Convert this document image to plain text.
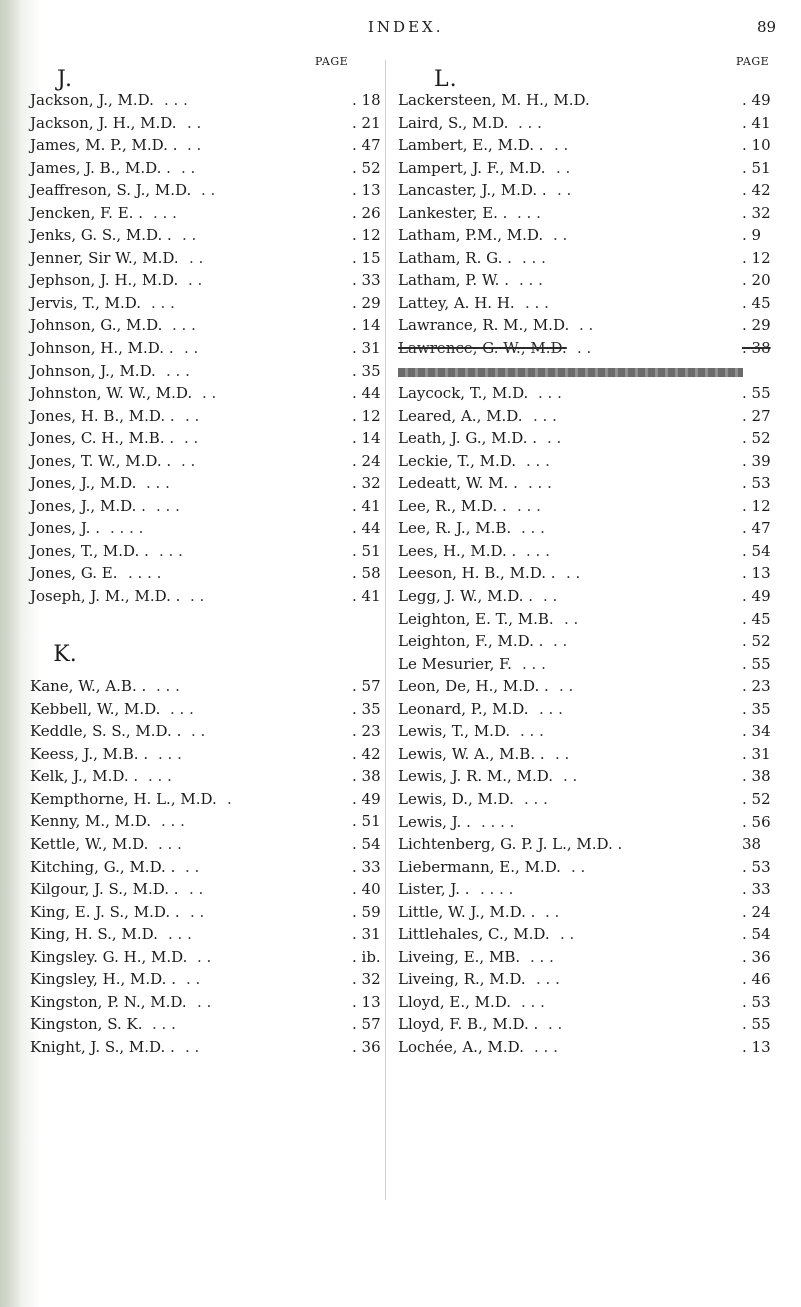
INDEX.	89
J.
PAGE
Jackson, J., M.D. . . .	. 18
Jackson, J. H., M.D. . .	. 21
James, M. P., M.D. . . .	. 47
James, J. B., M.D. . . .	. 52
Jeaffreson, S. J., M.D. . .	. 13
Jencken, F. E. . . . .	. 26
Jenks, G. S., M.D. . . .	. 12
Jenner, Sir W., M.D. . .	. 15
Jephson, J. H., M.D. . .	. 33
Jervis, T., M.D. . . .	. 29
Johnson, G., M.D. . . .	. 14
Johnson, H., M.D. . . .	. 31
Johnson, J., M.D. . . .	. 35
Johnston, W. W., M.D. . .	. 44
Jones, H. B., M.D. . . .	. 12
Jones, C. H., M.B. . . .	. 14
Jones, T. W., M.D. . . .	. 24
Jones, J., M.D. . . .	. 32
Jones, J., M.D. . . . .	. 41
Jones, J. . . . . .	. 44
Jones, T., M.D. . . . .	. 51
Jones, G. E. . . . .	. 58
Joseph, J. M., M.D. . . .	. 41
K.
Kane, W., A.B. . . . .	. 57
Kebbell, W., M.D. . . .	. 35
Keddle, S. S., M.D. . . .	. 23
Keess, J., M.B. . . . .	. 42
Kelk, J., M.D. . . . .	. 38
Kempthorne, H. L., M.D. .	. 49
Kenny, M., M.D. . . .	. 51
Kettle, W., M.D. . . .	. 54
Kitching, G., M.D. . . .	. 33
Kilgour, J. S., M.D. . . .	. 40
King, E. J. S., M.D. . . .	. 59
King, H. S., M.D. . . .	. 31
Kingsley. G. H., M.D. . .	. ib.
Kingsley, H., M.D. . . .	. 32
Kingston, P. N., M.D. . .	. 13
Kingston, S. K. . . .	. 57
Knight, J. S., M.D. . . .	. 36
L.
PAGE
Lackersteen, M. H., M.D.	. 49
Laird, S., M.D. . . .	. 41
Lambert, E., M.D. . . .	. 10
Lampert, J. F., M.D. . .	. 51
Lancaster, J., M.D. . . .	. 42
Lankester, E. . . . .	. 32
Latham, P.M., M.D. . .	. 9
Latham, R. G. . . . .	. 12
Latham, P. W. . . . .	. 20
Lattey, A. H. H. . . .	. 45
Lawrance, R. M., M.D. . .	. 29
Lawrence, G. W., M.D. . .	. 38
Laycock, T., M.D. . . .	. 55
Leared, A., M.D. . . .	. 27
Leath, J. G., M.D. . . .	. 52
Leckie, T., M.D. . . .	. 39
Ledeatt, W. M. . . . .	. 53
Lee, R., M.D. . . . .	. 12
Lee, R. J., M.B. . . .	. 47
Lees, H., M.D. . . . .	. 54
Leeson, H. B., M.D. . . .	. 13
Legg, J. W., M.D. . . .	. 49
Leighton, E. T., M.B. . .	. 45
Leighton, F., M.D. . . .	. 52
Le Mesurier, F. . . .	. 55
Leon, De, H., M.D. . . .	. 23
Leonard, P., M.D. . . .	. 35
Lewis, T., M.D. . . .	. 34
Lewis, W. A., M.B. . . .	. 31
Lewis, J. R. M., M.D. . .	. 38
Lewis, D., M.D. . . .	. 52
Lewis, J. . . . . .	. 56
Lichtenberg, G. P. J. L., M.D. .	38
Liebermann, E., M.D. . .	. 53
Lister, J. . . . . .	. 33
Little, W. J., M.D. . . .	. 24
Littlehales, C., M.D. . .	. 54
Liveing, E., MB. . . .	. 36
Liveing, R., M.D. . . .	. 46
Lloyd, E., M.D. . . .	. 53
Lloyd, F. B., M.D. . . .	. 55
Lochée, A., M.D. . . .	. 13
